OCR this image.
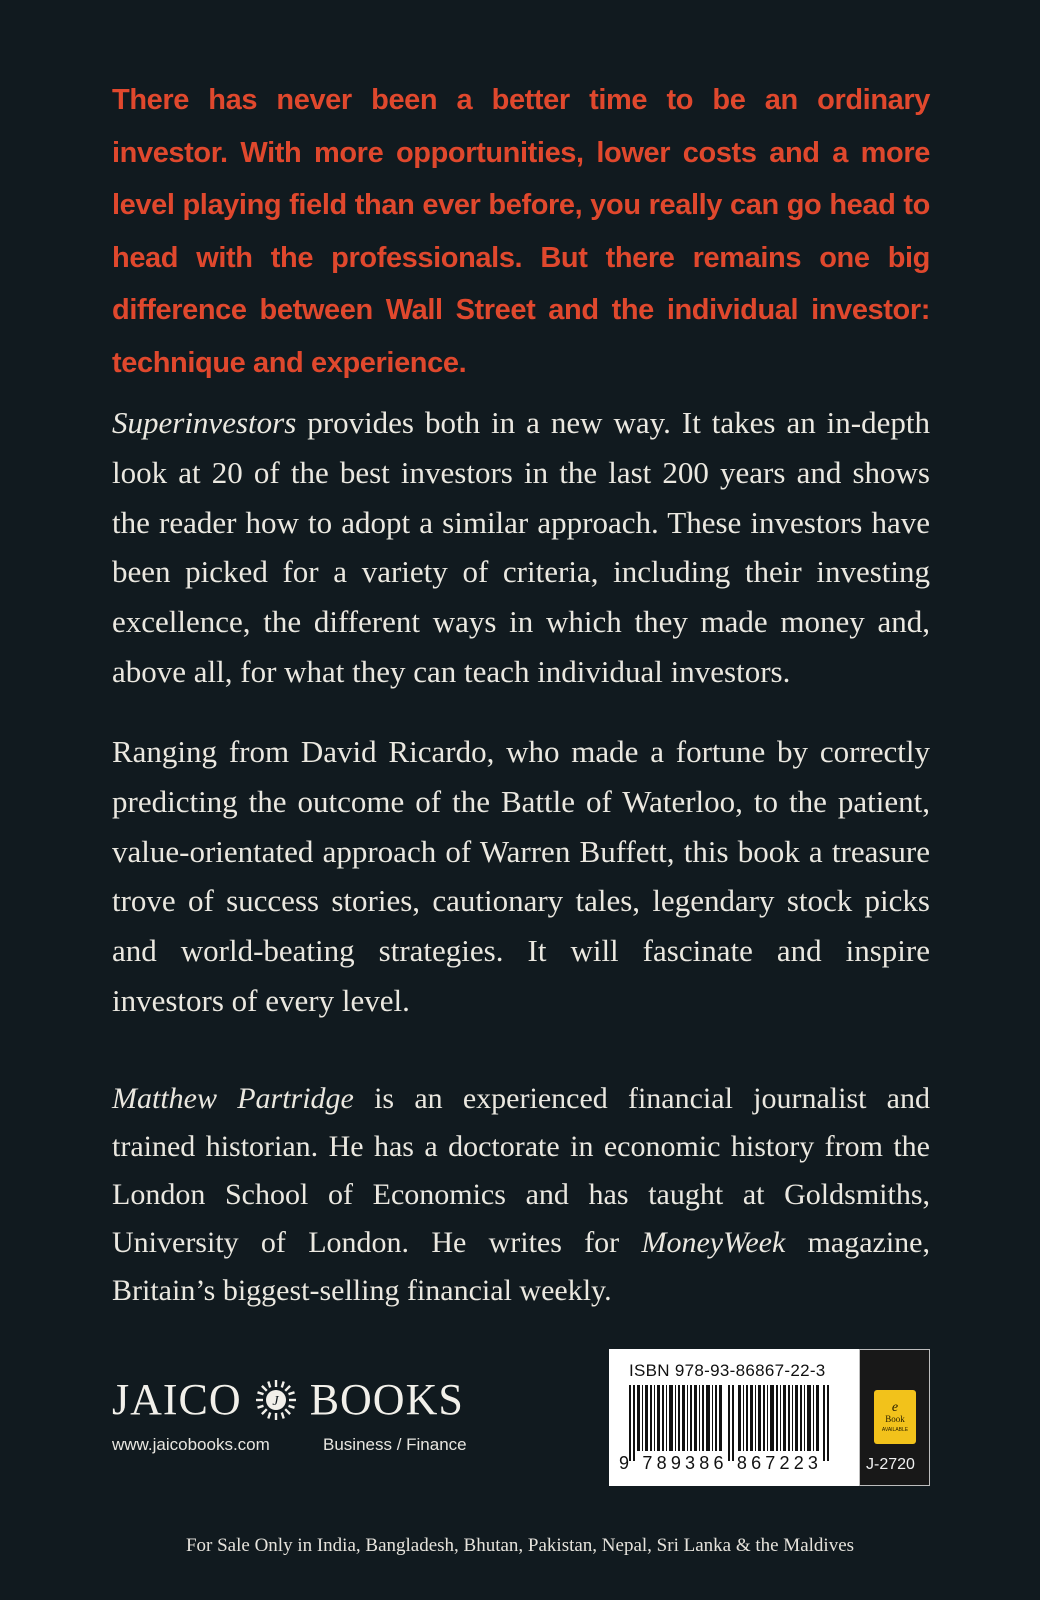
There has never been a better time to be an ordinary investor. With more opportunities, lower costs and a more level playing field than ever before, you really can go head to head with the professionals. But there remains one big difference between Wall Street and the individual investor: technique and experience.
Superinvestors provides both in a new way. It takes an in-depth look at 20 of the best investors in the last 200 years and shows the reader how to adopt a similar approach. These investors have been picked for a variety of criteria, including their investing excellence, the different ways in which they made money and, above all, for what they can teach individual investors.
Ranging from David Ricardo, who made a fortune by correctly predicting the outcome of the Battle of Waterloo, to the patient, value-orientated approach of Warren Buffett, this book a treasure trove of success stories, cautionary tales, legendary stock picks and world-beating strategies. It will fascinate and inspire investors of every level.
Matthew Partridge is an experienced financial journalist and trained historian. He has a doctorate in economic history from the London School of Economics and has taught at Goldsmiths, University of London. He writes for MoneyWeek magazine, Britain’s biggest-selling financial weekly.
JAICO J BOOKS
www.jaicobooks.com	Business / Finance
ISBN 978-93-86867-22-3
9 789386 867223
e
Book
AVAILABLE
J-2720
For Sale Only in India, Bangladesh, Bhutan, Pakistan, Nepal, Sri Lanka & the Maldives
